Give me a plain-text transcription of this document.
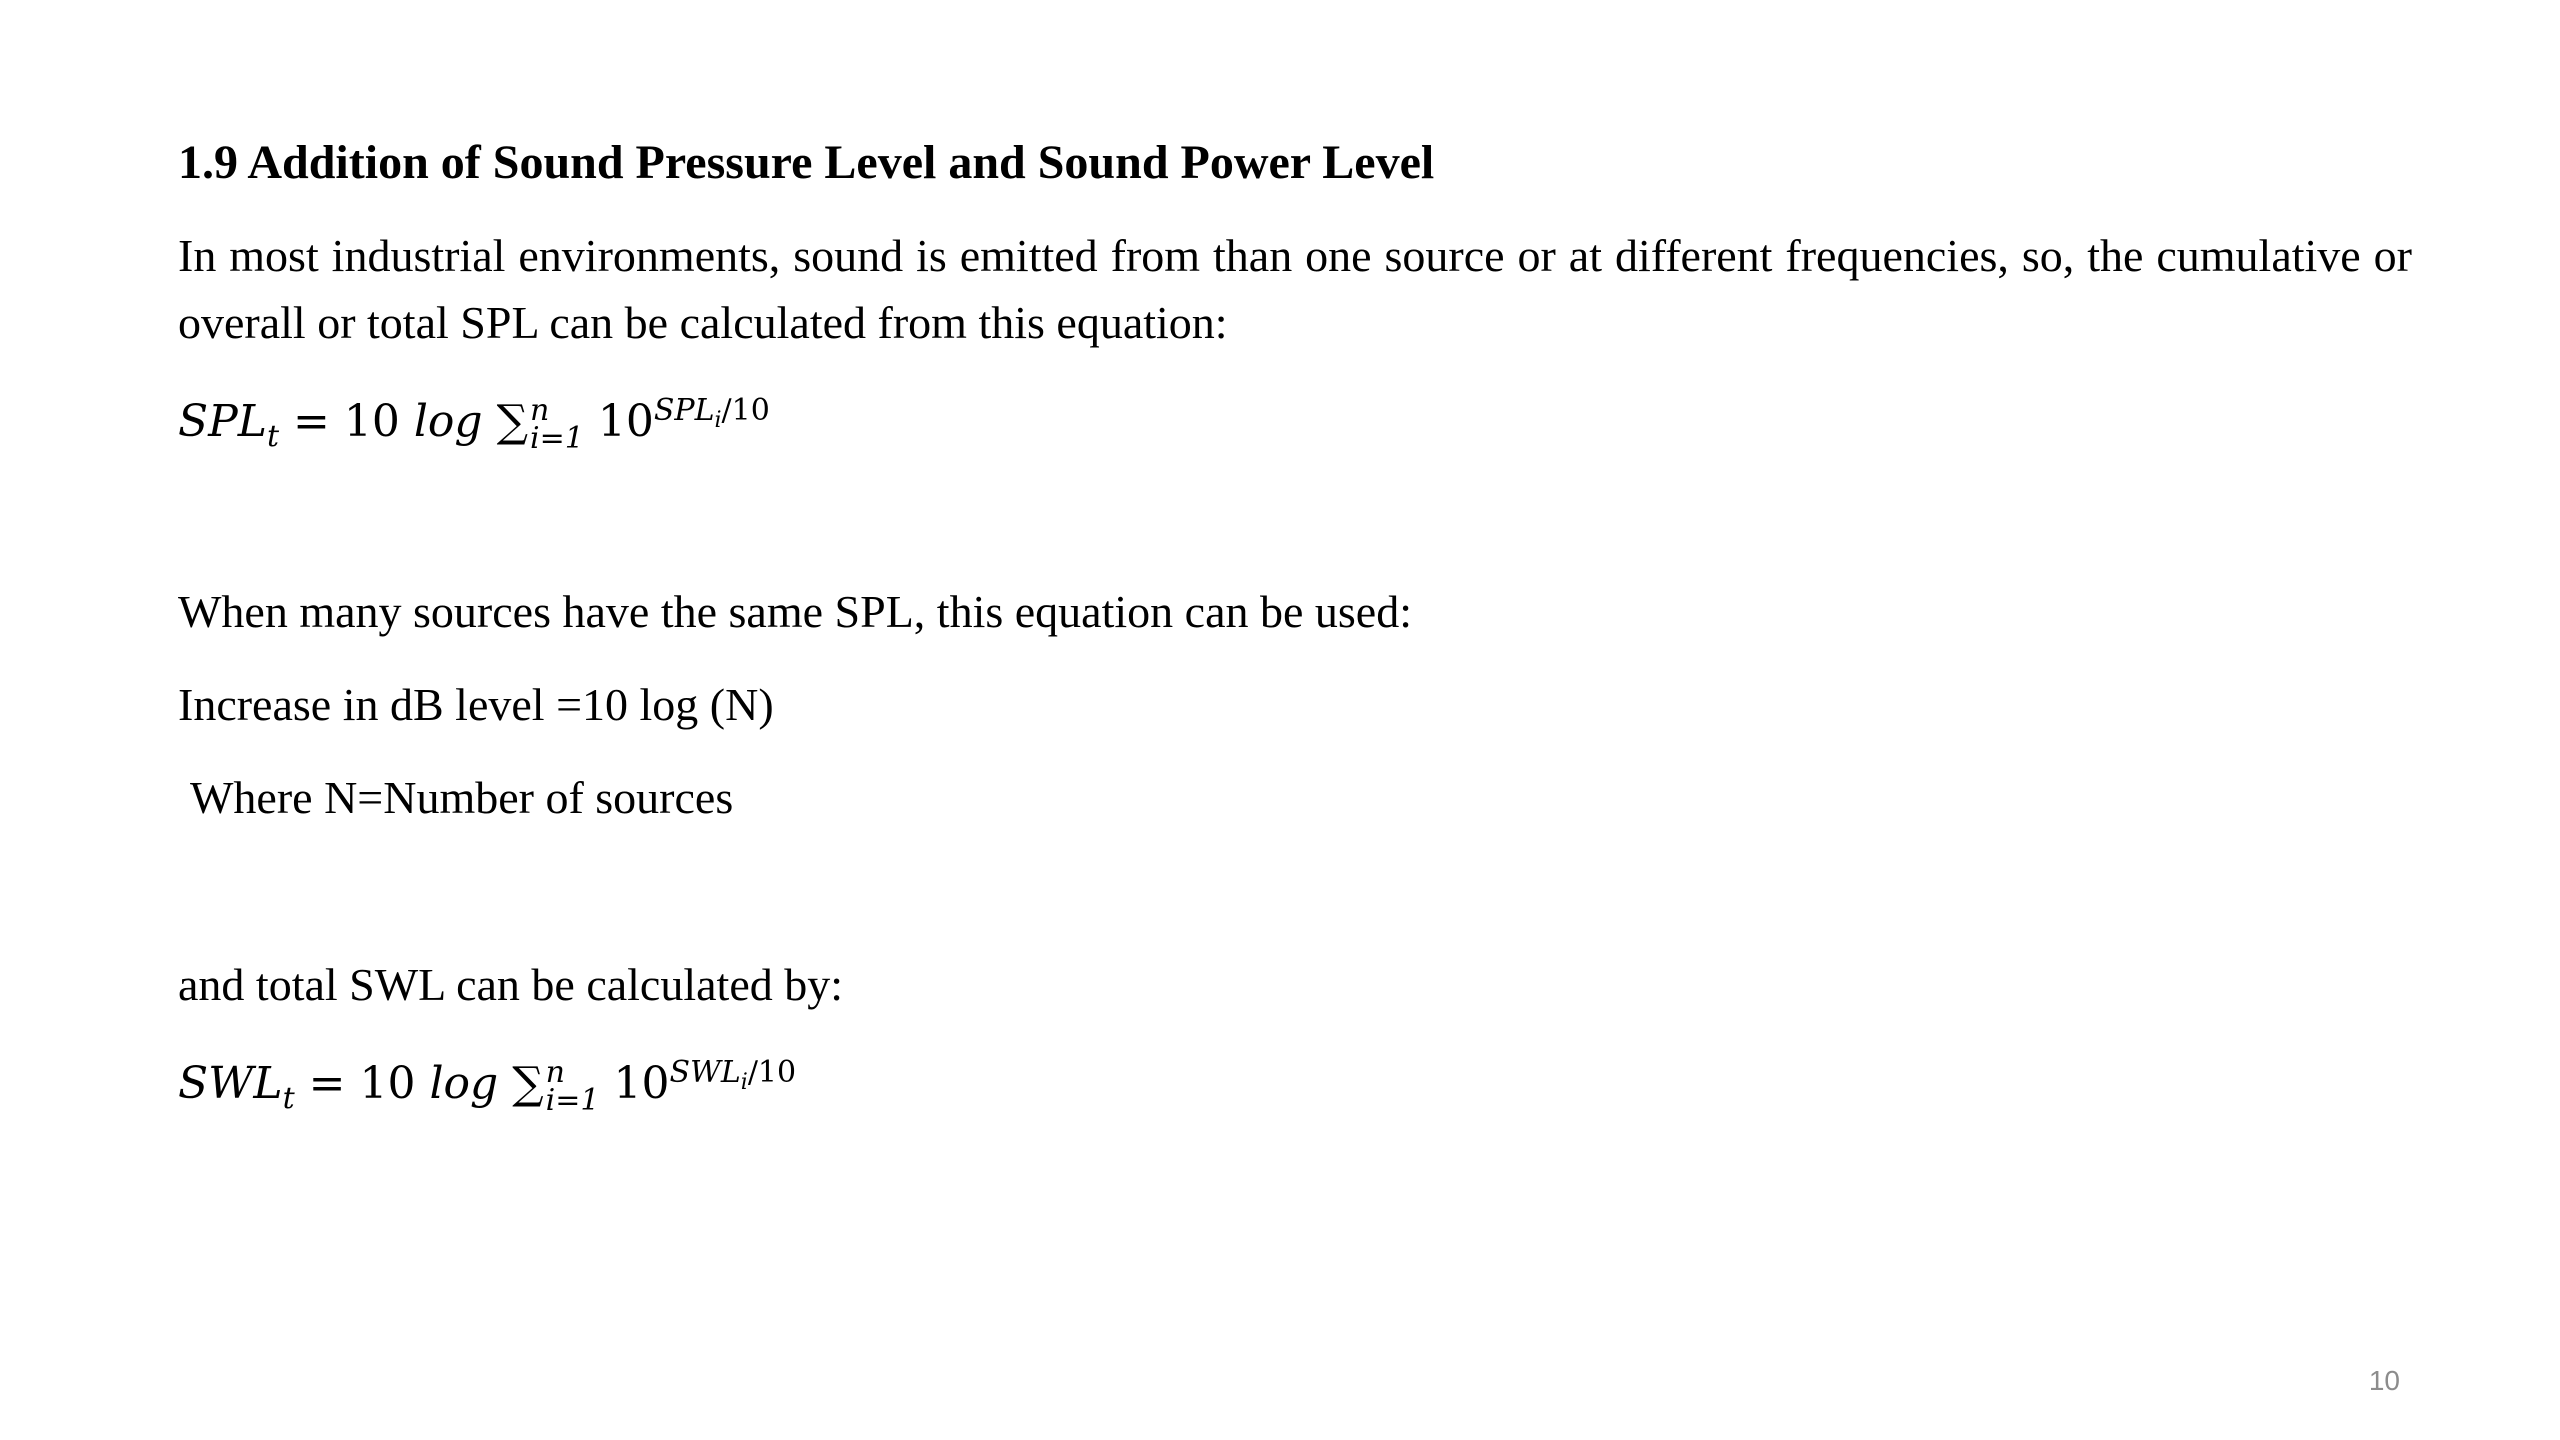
1.9 Addition of Sound Pressure Level and Sound Power Level
In most industrial environments, sound is emitted from than one source or at different frequencies, so, the cumulative or overall or total SPL can be calculated from this equation:
$SPL_t = 10$ log ∑ n
i=1 $10^{SPL_i/10}$
When many sources have the same SPL, this equation can be used:
Increase in dB level =10 log (N)
Where N=Number of sources
and total SWL can be calculated by:
$SWL_t = 10$ log ∑ n
i=1 $10^{SWL_i/10}$
10
